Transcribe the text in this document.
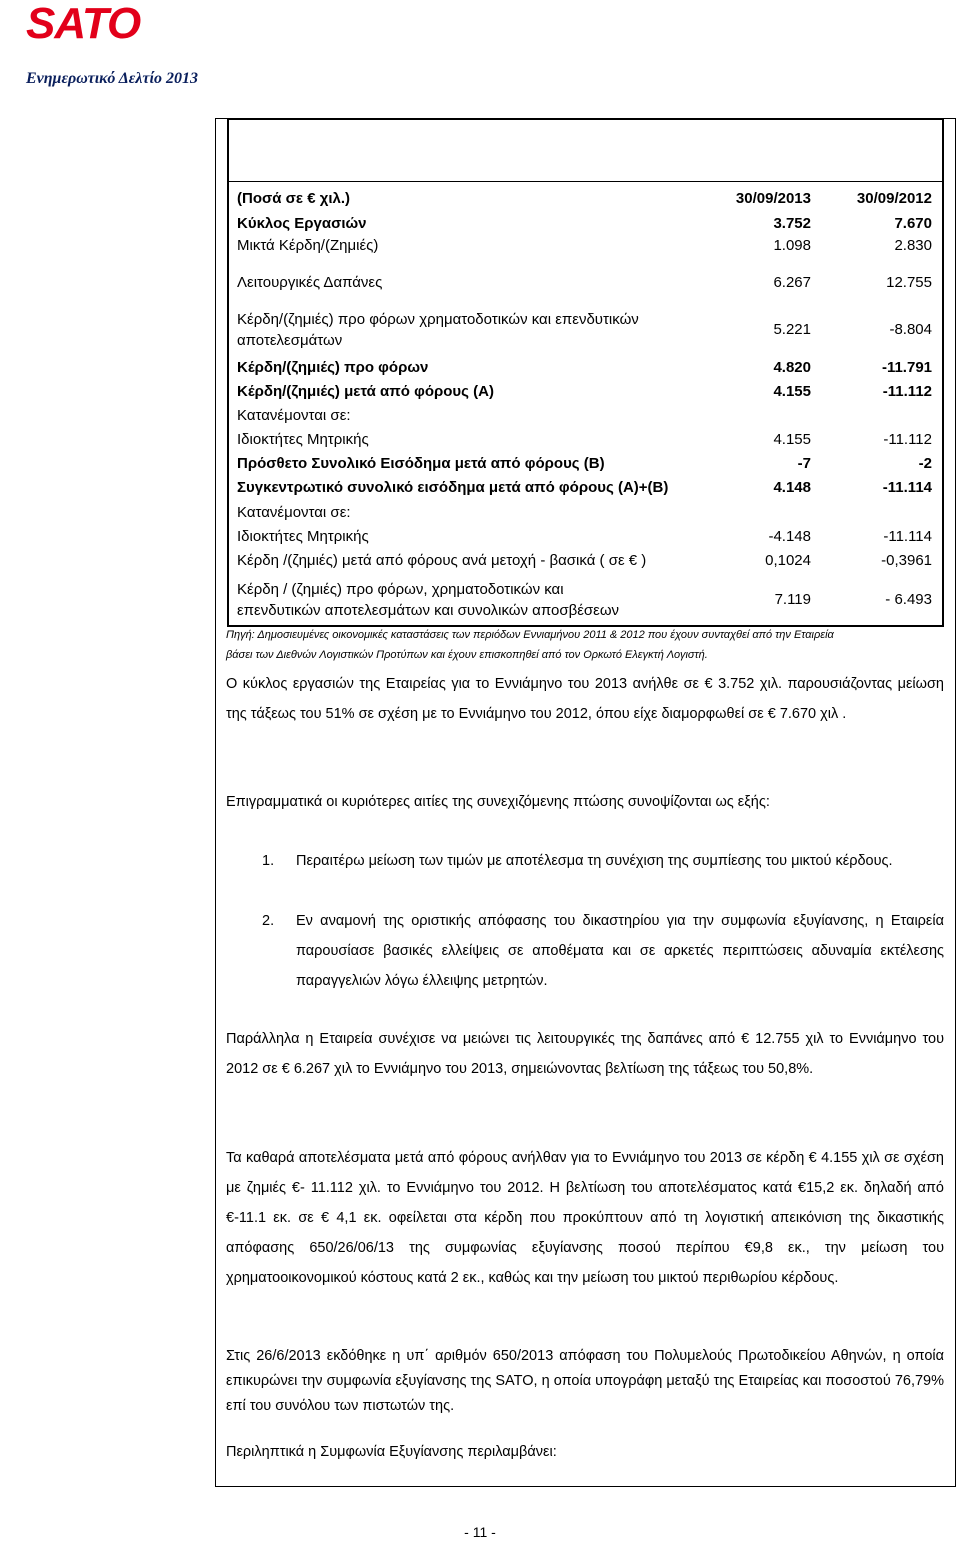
SATO
Ενημερωτικό Δελτίο 2013
(Ποσά σε € χιλ.)	30/09/2013	30/09/2012
Κύκλος Εργασιών	3.752	7.670
Μικτά Κέρδη/(Ζημιές)	1.098	2.830
Λειτουργικές Δαπάνες	6.267	12.755
Κέρδη/(ζημιές) προ φόρων χρηματοδοτικών και επενδυτικών
αποτελεσμάτων
5.221	-8.804
Κέρδη/(ζημιές) προ φόρων	4.820	-11.791
Κέρδη/(ζημιές) μετά από φόρους (Α)	4.155	-11.112
Κατανέμονται σε:
Ιδιοκτήτες Μητρικής	4.155	-11.112
Πρόσθετο Συνολικό Εισόδημα μετά από φόρους (Β)	-7	-2
Συγκεντρωτικό συνολικό εισόδημα μετά από φόρους (Α)+(Β)	4.148	-11.114
Κατανέμονται σε:
Ιδιοκτήτες Μητρικής	-4.148	-11.114
Κέρδη /(ζημιές) μετά από φόρους ανά μετοχή - βασικά ( σε € )	0,1024	-0,3961
Κέρδη / (ζημιές) προ φόρων, χρηματοδοτικών και
επενδυτικών αποτελεσμάτων και συνολικών αποσβέσεων
7.119	- 6.493
Πηγή: Δημοσιευμένες οικονομικές καταστάσεις των περιόδων Εννιαμήνου 2011 & 2012 που έχουν συνταχθεί από την Εταιρεία
βάσει των Διεθνών Λογιστικών Προτύπων και έχουν επισκοπηθεί από τον Ορκωτό Ελεγκτή Λογιστή.
Ο κύκλος εργασιών της Εταιρείας για το Εννιάμηνο του 2013 ανήλθε σε € 3.752 χιλ. παρουσιάζοντας μείωση της τάξεως του 51% σε σχέση με το Εννιάμηνο του 2012, όπου είχε διαμορφωθεί σε € 7.670 χιλ .
Επιγραμματικά οι κυριότερες αιτίες της συνεχιζόμενης πτώσης συνοψίζονται ως εξής:
1. Περαιτέρω μείωση των τιμών με αποτέλεσμα τη συνέχιση της συμπίεσης του μικτού κέρδους.
2. Εν αναμονή της οριστικής απόφασης του δικαστηρίου για την συμφωνία εξυγίανσης, η Εταιρεία παρουσίασε βασικές ελλείψεις σε αποθέματα και σε αρκετές περιπτώσεις αδυναμία εκτέλεσης παραγγελιών λόγω έλλειψης μετρητών.
Παράλληλα η Εταιρεία συνέχισε να μειώνει τις λειτουργικές της δαπάνες από € 12.755 χιλ το Εννιάμηνο του 2012 σε € 6.267 χιλ το Εννιάμηνο του 2013, σημειώνοντας βελτίωση της τάξεως του 50,8%.
Τα καθαρά αποτελέσματα μετά από φόρους ανήλθαν για το Εννιάμηνο του 2013 σε κέρδη € 4.155 χιλ σε σχέση με ζημιές €- 11.112 χιλ. το Εννιάμηνο του 2012. Η βελτίωση του αποτελέσματος κατά €15,2 εκ. δηλαδή από €-11.1 εκ. σε € 4,1 εκ. οφείλεται στα κέρδη που προκύπτουν από τη λογιστική απεικόνιση της δικαστικής απόφασης 650/26/06/13 της συμφωνίας εξυγίανσης ποσού περίπου €9,8 εκ., την μείωση του χρηματοοικονομικού κόστους κατά 2 εκ., καθώς και την μείωση του μικτού περιθωρίου κέρδους.
Στις 26/6/2013 εκδόθηκε η υπ΄ αριθμόν 650/2013 απόφαση του Πολυμελούς Πρωτοδικείου Αθηνών, η οποία επικυρώνει την συμφωνία εξυγίανσης της SATO, η οποία υπογράφη μεταξύ της Εταιρείας και ποσοστού 76,79% επί του συνόλου των πιστωτών της.
Περιληπτικά η Συμφωνία Εξυγίανσης περιλαμβάνει:
- 11 -
